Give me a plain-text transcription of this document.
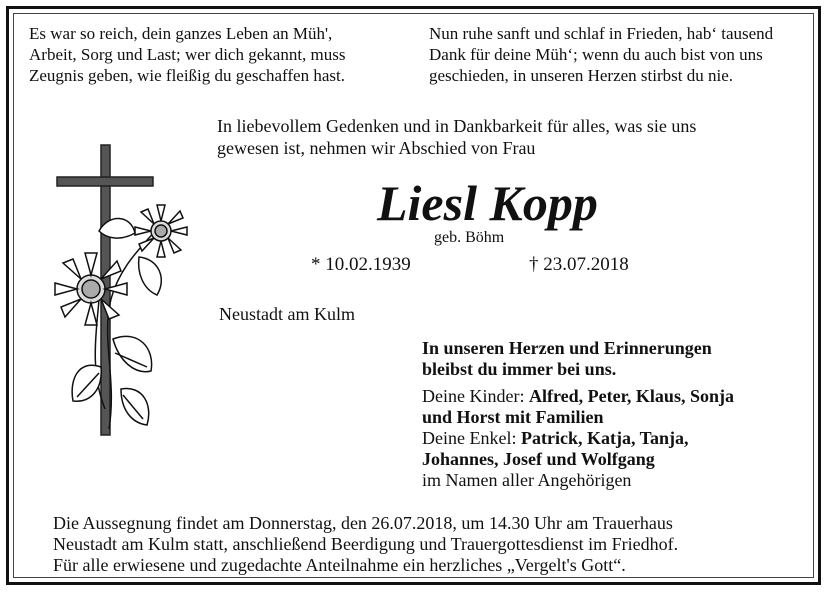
Es war so reich, dein ganzes Leben an Müh',
Arbeit, Sorg und Last; wer dich gekannt, muss
Zeugnis geben, wie fleißig du geschaffen hast.
Nun ruhe sanft und schlaf in Frieden, hab‘ tausend
Dank für deine Müh‘; wenn du auch bist von uns
geschieden, in unseren Herzen stirbst du nie.
In liebevollem Gedenken und in Dankbarkeit für alles, was sie uns
gewesen ist, nehmen wir Abschied von Frau
Liesl Kopp
geb. Böhm
* 10.02.1939	† 23.07.2018
Neustadt am Kulm
In unseren Herzen und Erinnerungen
bleibst du immer bei uns.
Deine Kinder: Alfred, Peter, Klaus, Sonja
und Horst mit Familien
Deine Enkel: Patrick, Katja, Tanja,
Johannes, Josef und Wolfgang
im Namen aller Angehörigen
Die Aussegnung findet am Donnerstag, den 26.07.2018, um 14.30 Uhr am Trauerhaus
Neustadt am Kulm statt, anschließend Beerdigung und Trauergottesdienst im Friedhof.
Für alle erwiesene und zugedachte Anteilnahme ein herzliches „Vergelt's Gott“.
